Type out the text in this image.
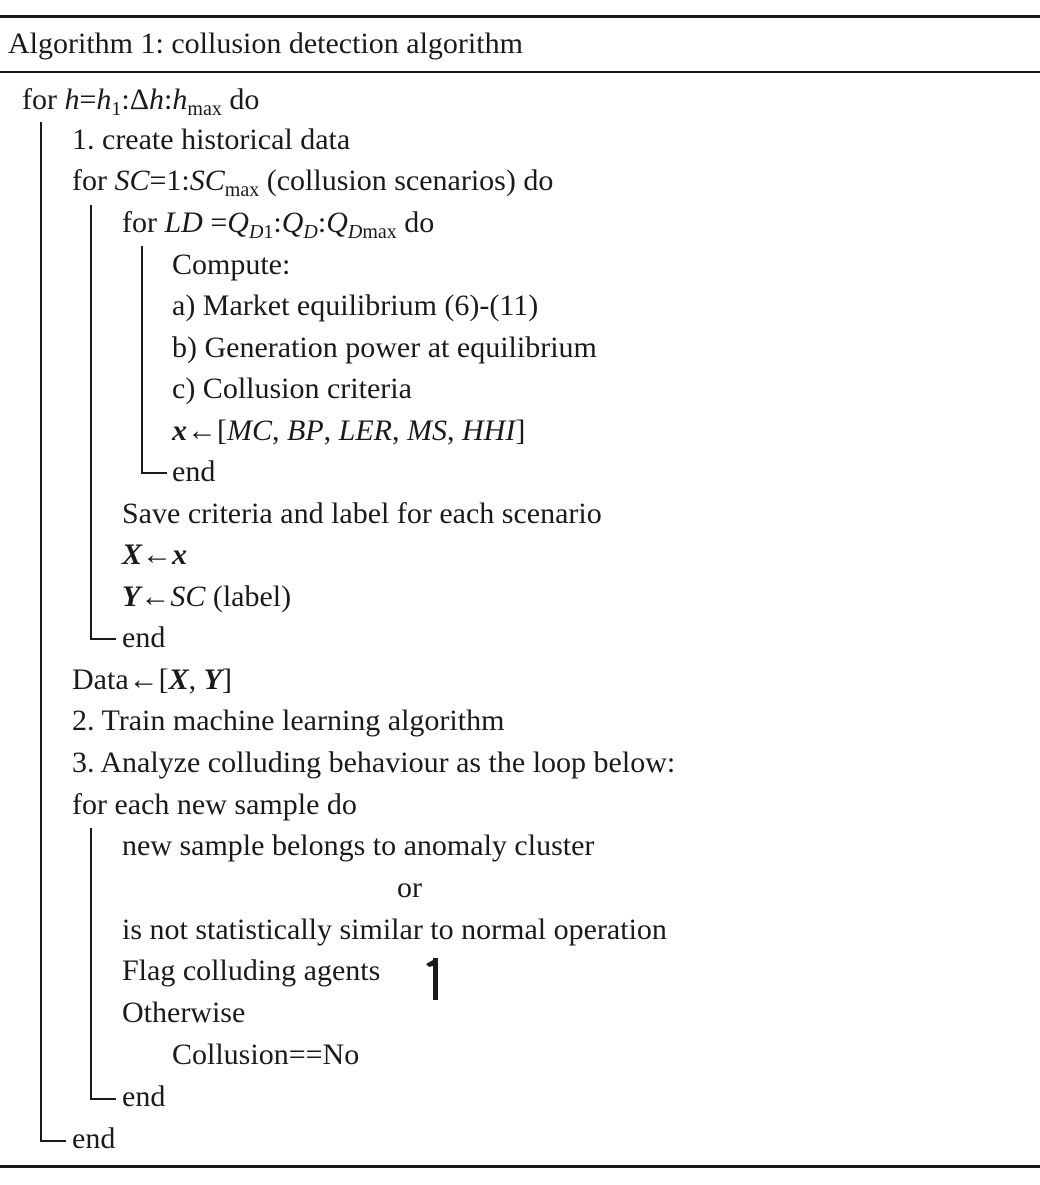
Algorithm 1: collusion detection algorithm
for $h=h_1:\Delta h:h_{max}$ do
1. create historical data
for $SC=1:SC_{max}$ (collusion scenarios) do
for LD $=Q_{D1}:Q_D:Q_{Dmax}$ do
Compute:
a) Market equilibrium (6)-(11)
b) Generation power at equilibrium
c) Collusion criteria
x←[MC, BP, LER, MS, HHI]
end
Save criteria and label for each scenario
X←x
Y←SC (label)
end
Data←[X, Y]
2. Train machine learning algorithm
3. Analyze colluding behaviour as the loop below:
for each new sample do
new sample belongs to anomaly cluster
or
is not statistically similar to normal operation
Flag colluding agents
Otherwise
Collusion==No
end
end
